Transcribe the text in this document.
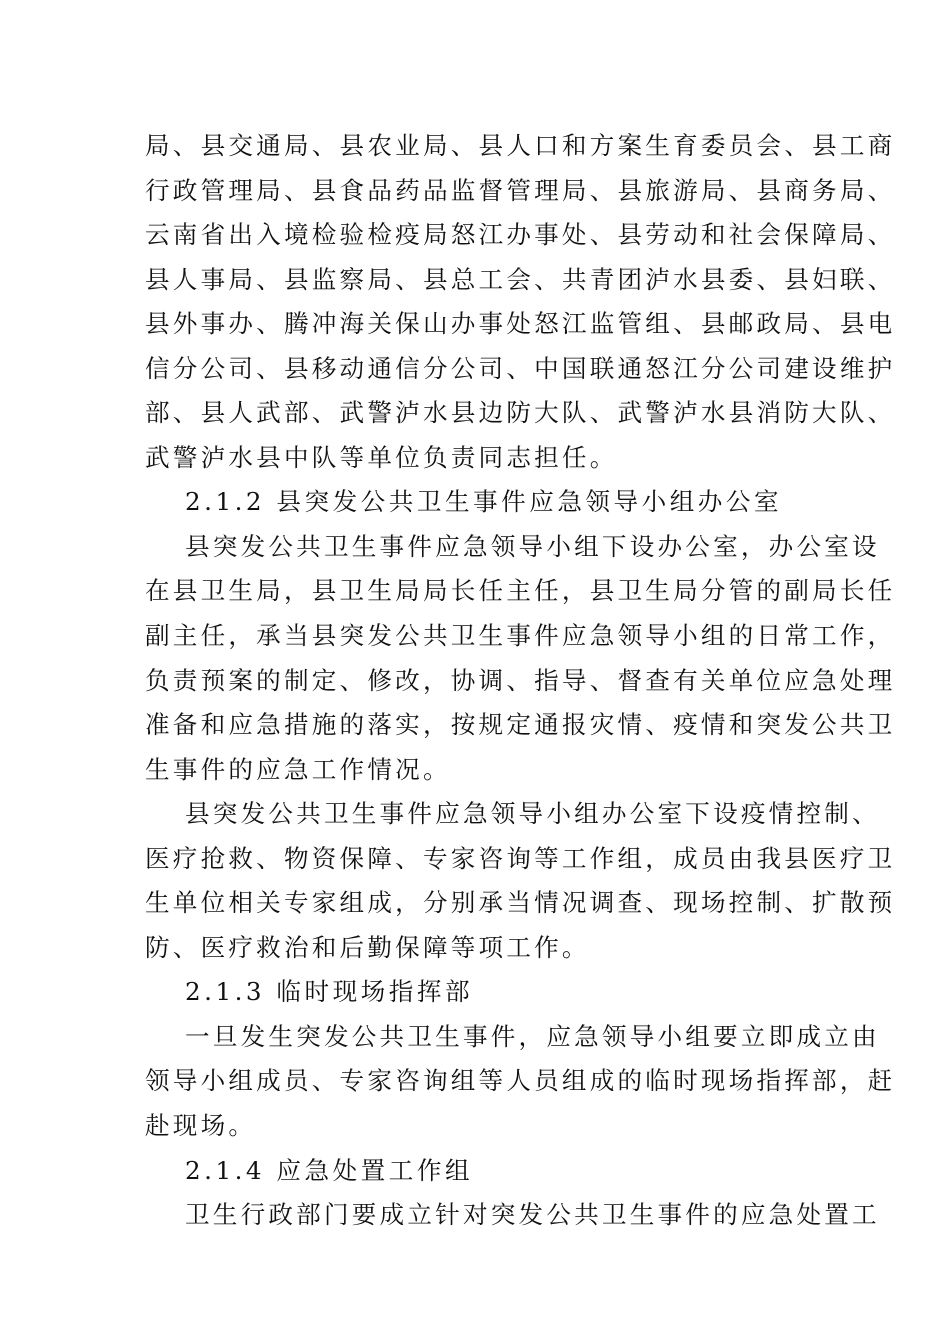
局、县交通局、县农业局、县人口和方案生育委员会、县工商
行政管理局、县食品药品监督管理局、县旅游局、县商务局、
云南省出入境检验检疫局怒江办事处、县劳动和社会保障局、
县人事局、县监察局、县总工会、共青团泸水县委、县妇联、
县外事办、腾冲海关保山办事处怒江监管组、县邮政局、县电
信分公司、县移动通信分公司、中国联通怒江分公司建设维护
部、县人武部、武警泸水县边防大队、武警泸水县消防大队、
武警泸水县中队等单位负责同志担任。
2.1.2 县突发公共卫生事件应急领导小组办公室
县突发公共卫生事件应急领导小组下设办公室，办公室设
在县卫生局，县卫生局局长任主任，县卫生局分管的副局长任
副主任，承当县突发公共卫生事件应急领导小组的日常工作，
负责预案的制定、修改，协调、指导、督查有关单位应急处理
准备和应急措施的落实，按规定通报灾情、疫情和突发公共卫
生事件的应急工作情况。
县突发公共卫生事件应急领导小组办公室下设疫情控制、
医疗抢救、物资保障、专家咨询等工作组，成员由我县医疗卫
生单位相关专家组成，分别承当情况调查、现场控制、扩散预
防、医疗救治和后勤保障等项工作。
2.1.3 临时现场指挥部
一旦发生突发公共卫生事件，应急领导小组要立即成立由
领导小组成员、专家咨询组等人员组成的临时现场指挥部，赶
赴现场。
2.1.4 应急处置工作组
卫生行政部门要成立针对突发公共卫生事件的应急处置工
